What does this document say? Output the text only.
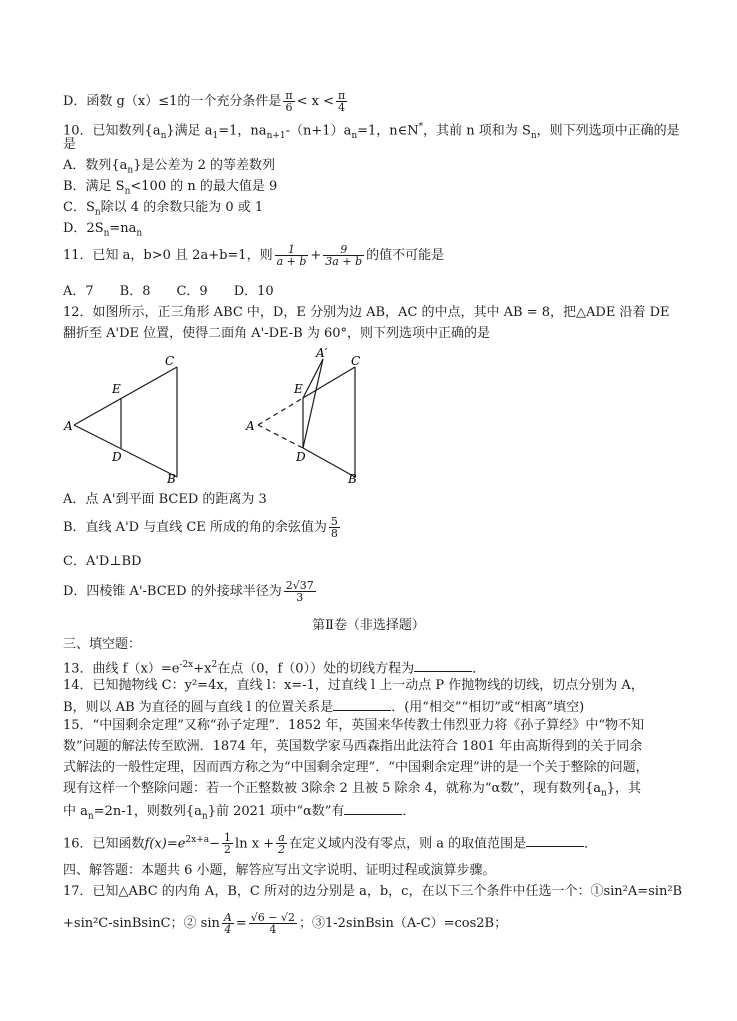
D．函数 g（x）≤1的一个充分条件是 $\frac{\pi}{6} < x < \frac{\pi}{4}$
10．已知数列$\{a_n\}$满足 $a_1=1$，$na_{n+1}-(n+1)a_n=1$，n∈N*，其前 n 项和为 $S_n$，则下列选项中正确的是
是
A．数列$\{a_n\}$是公差为 2 的等差数列
B．满足 $S_n<100$ 的 n 的最大值是 9
C．$S_n$除以 4 的余数只能为 0 或 1
D．$2S_n=na_n$
11．已知 a，b>0 且 2a+b=1，则 $\frac{1}{a + b} + \frac{9}{3a + b}$ 的值不可能是
A．7　　B．8　　C．9　　D．10
12．如图所示，正三角形 ABC 中，D，E 分别为边 AB，AC 的中点，其中 AB = 8，把△ADE 沿着 DE
翻折至 A'DE 位置，使得二面角 A'-DE-B 为 60°，则下列选项中正确的是
A
E
D
C
B
A
A′
E
D
C
B
A．点 A'到平面 BCED 的距离为 3
B．直线 A'D 与直线 CE 所成的角的余弦值为 $\frac{5}{8}$
C．A'D⊥BD
D．四棱锥 A'-BCED 的外接球半径为 $\frac{2√37}{3}$
第Ⅱ卷（非选择题）
三、填空题：
13．曲线 $f(x)=e^{-2x}+x^2$在点（0，f（0））处的切线方程为	．
14．已知抛物线 C：y²=4x，直线 l：x=-1，过直线 l 上一动点 P 作抛物线的切线，切点分别为 A，
B，则以 AB 为直径的圆与直线 l 的位置关系是	．(用“相交”“相切”或“相离”填空)
15．“中国剩余定理”又称“孙子定理”．1852 年，英国来华传教士伟烈亚力将《孙子算经》中“物不知
数”问题的解法传至欧洲．1874 年，英国数学家马西森指出此法符合 1801 年由高斯得到的关于同余
式解法的一般性定理，因而西方称之为“中国剩余定理”．“中国剩余定理”讲的是一个关于整除的问题，
现有这样一个整除问题：若一个正整数被 3除余 2 且被 5 除余 4，就称为“α数”，现有数列$\{a_n\}$，其
中 $a_n=2n-1$，则数列$\{a_n\}$前 2021 项中“α数”有	．
16．已知函数$f(x)=e^{2x+a}- \frac{1}{2}$ $\ln x + \frac{a}{2}$ 在定义域内没有零点，则 a 的取值范围是	．
四、解答题：本题共 6 小题，解答应写出文字说明、证明过程或演算步骤。
17．已知△ABC 的内角 A，B，C 所对的边分别是 a，b，c，在以下三个条件中任选一个：①sin²A=sin²B
+sin²C-sinBsinC；② $\sin \frac{A}{4} = \frac{√6 - √2}{4}$ ；③1-2sinBsin（A-C）=cos2B；
